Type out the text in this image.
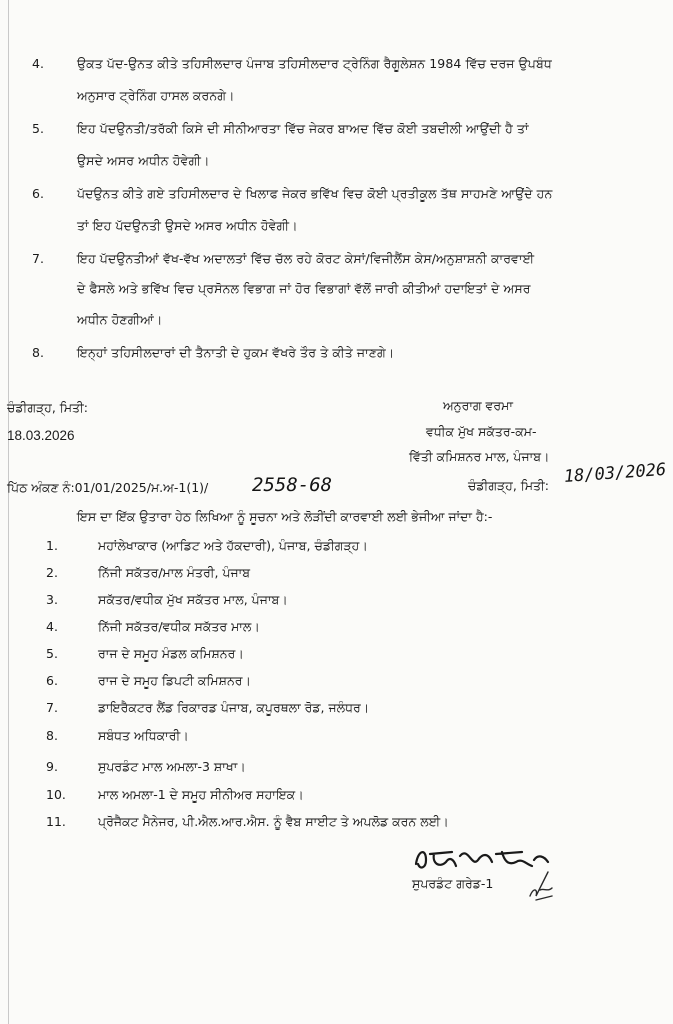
4.	ਉਕਤ ਪੱਦ-ਉਨਤ ਕੀਤੇ ਤਹਿਸੀਲਦਾਰ ਪੰਜਾਬ ਤਹਿਸੀਲਦਾਰ ਟ੍ਰੇਨਿੰਗ ਰੈਗੂਲੇਸ਼ਨ 1984 ਵਿੱਚ ਦਰਜ ਉਪਬੰਧ
ਅਨੁਸਾਰ ਟ੍ਰੇਨਿੰਗ ਹਾਸਲ ਕਰਨਗੇ।
5.	ਇਹ ਪੱਦਉਨਤੀ/ਤਰੱਕੀ ਕਿਸੇ ਦੀ ਸੀਨੀਆਰਤਾ ਵਿੱਚ ਜੇਕਰ ਬਾਅਦ ਵਿੱਚ ਕੋਈ ਤਬਦੀਲੀ ਆਉਂਦੀ ਹੈ ਤਾਂ
ਉਸਦੇ ਅਸਰ ਅਧੀਨ ਹੋਵੇਗੀ।
6.	ਪੱਦਉਨਤ ਕੀਤੇ ਗਏ ਤਹਿਸੀਲਦਾਰ ਦੇ ਖਿਲਾਫ ਜੇਕਰ ਭਵਿੱਖ ਵਿਚ ਕੋਈ ਪ੍ਰਤੀਕੂਲ ਤੱਥ ਸਾਹਮਣੇ ਆਉਂਦੇ ਹਨ
ਤਾਂ ਇਹ ਪੱਦਉਨਤੀ ਉਸਦੇ ਅਸਰ ਅਧੀਨ ਹੋਵੇਗੀ।
7.	ਇਹ ਪੱਦਉਨਤੀਆਂ ਵੱਖ-ਵੱਖ ਅਦਾਲਤਾਂ ਵਿੱਚ ਚੱਲ ਰਹੇ ਕੋਰਟ ਕੇਸਾਂ/ਵਿਜੀਲੈਂਸ ਕੇਸ/ਅਨੁਸ਼ਾਸ਼ਨੀ ਕਾਰਵਾਈ
ਦੇ ਫੈਸਲੇ ਅਤੇ ਭਵਿੱਖ ਵਿਚ ਪ੍ਰਸੋਨਲ ਵਿਭਾਗ ਜਾਂ ਹੋਰ ਵਿਭਾਗਾਂ ਵੱਲੋਂ ਜਾਰੀ ਕੀਤੀਆਂ ਹਦਾਇਤਾਂ ਦੇ ਅਸਰ
ਅਧੀਨ ਹੋਣਗੀਆਂ।
8.	ਇਨ੍ਹਾਂ ਤਹਿਸੀਲਦਾਰਾਂ ਦੀ ਤੈਨਾਤੀ ਦੇ ਹੁਕਮ ਵੱਖਰੇ ਤੌਰ ਤੇ ਕੀਤੇ ਜਾਣਗੇ।
ਚੰਡੀਗੜ੍ਹ, ਮਿਤੀ:
18.03.2026
ਅਨੁਰਾਗ ਵਰਮਾ
ਵਧੀਕ ਮੁੱਖ ਸਕੱਤਰ-ਕਮ-
ਵਿੱਤੀ ਕਮਿਸ਼ਨਰ ਮਾਲ, ਪੰਜਾਬ।
ਪਿੱਠ ਅੰਕਣ ਨੰ:01/01/2025/ਮ.ਅ-1(1)/ 2558-68	ਚੰਡੀਗੜ੍ਹ, ਮਿਤੀ: 18/03/2026
ਇਸ ਦਾ ਇੱਕ ਉਤਾਰਾ ਹੇਠ ਲਿਖਿਆ ਨੂੰ ਸੂਚਨਾ ਅਤੇ ਲੋੜੀਂਦੀ ਕਾਰਵਾਈ ਲਈ ਭੇਜੀਆ ਜਾਂਦਾ ਹੈ:-
1.	ਮਹਾਂਲੇਖਾਕਾਰ (ਆਡਿਟ ਅਤੇ ਹੱਕਦਾਰੀ), ਪੰਜਾਬ, ਚੰਡੀਗੜ੍ਹ।
2.	ਨਿੱਜੀ ਸਕੱਤਰ/ਮਾਲ ਮੰਤਰੀ, ਪੰਜਾਬ
3.	ਸਕੱਤਰ/ਵਧੀਕ ਮੁੱਖ ਸਕੱਤਰ ਮਾਲ, ਪੰਜਾਬ।
4.	ਨਿੱਜੀ ਸਕੱਤਰ/ਵਧੀਕ ਸਕੱਤਰ ਮਾਲ।
5.	ਰਾਜ ਦੇ ਸਮੂਹ ਮੰਡਲ ਕਮਿਸ਼ਨਰ।
6.	ਰਾਜ ਦੇ ਸਮੂਹ ਡਿਪਟੀ ਕਮਿਸ਼ਨਰ।
7.	ਡਾਇਰੈਕਟਰ ਲੈਂਡ ਰਿਕਾਰਡ ਪੰਜਾਬ, ਕਪੂਰਥਲਾ ਰੋਡ, ਜਲੰਧਰ।
8.	ਸਬੰਧਤ ਅਧਿਕਾਰੀ।
9.	ਸੁਪਰਡੰਟ ਮਾਲ ਅਮਲਾ-3 ਸ਼ਾਖਾ।
10.	ਮਾਲ ਅਮਲਾ-1 ਦੇ ਸਮੂਹ ਸੀਨੀਅਰ ਸਹਾਇਕ।
11.	ਪ੍ਰੋਜੈਕਟ ਮੈਨੇਜਰ, ਪੀ.ਐਲ.ਆਰ.ਐਸ. ਨੂੰ ਵੈਬ ਸਾਈਟ ਤੇ ਅਪਲੋਡ ਕਰਨ ਲਈ।
ਸੁਪਰਡੰਟ ਗਰੇਡ-1
